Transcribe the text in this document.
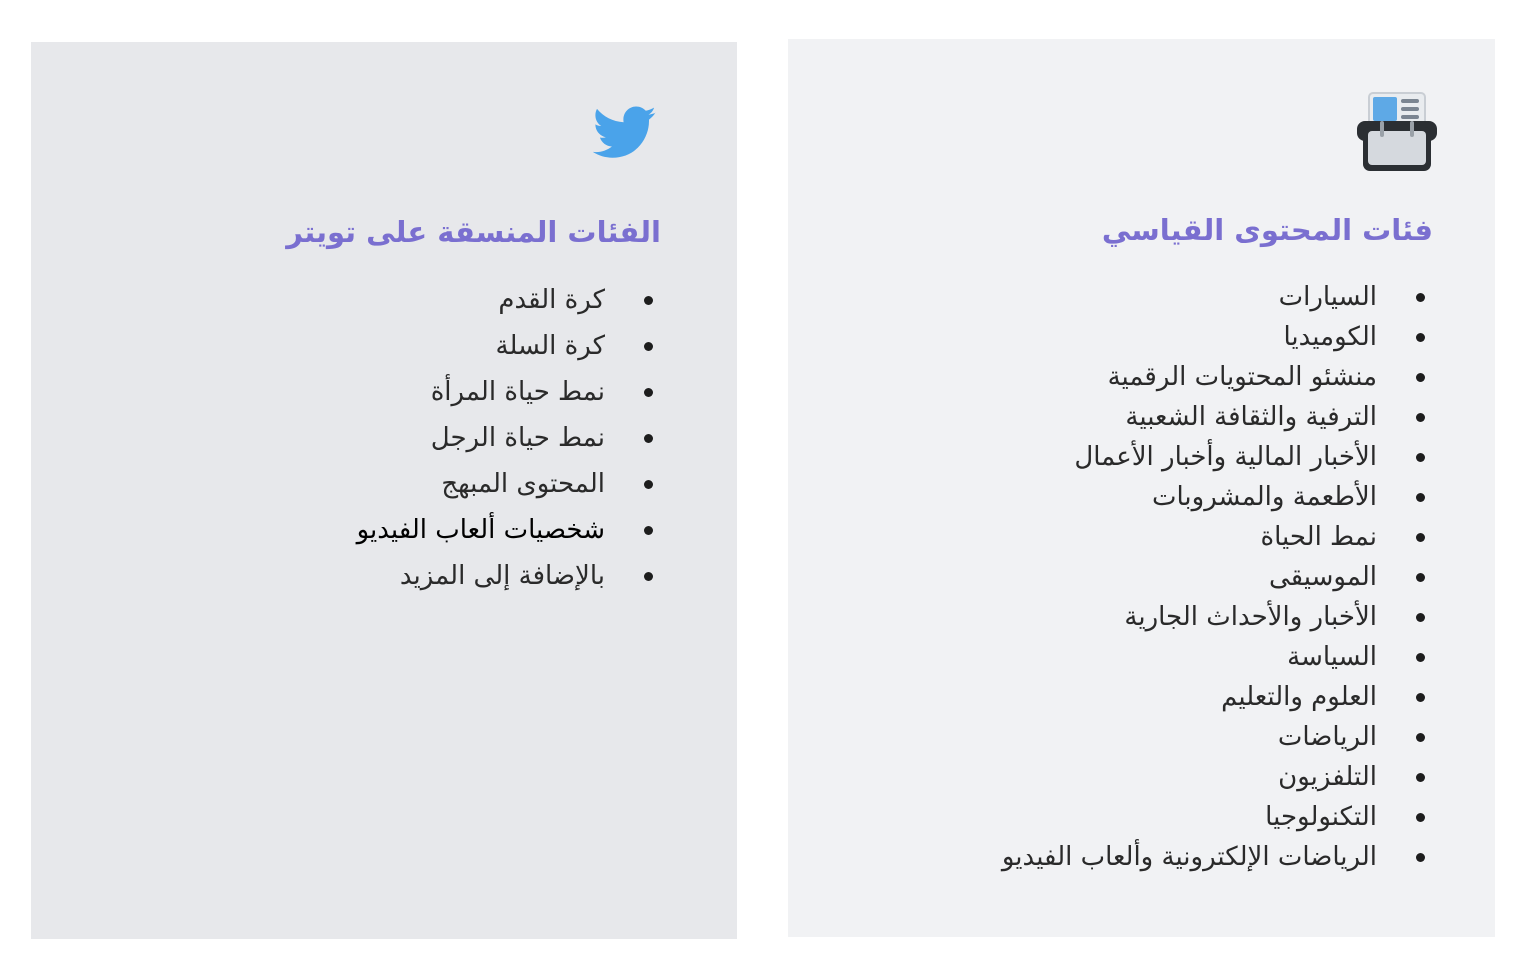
فئات المحتوى القياسي
السيارات
الكوميديا
منشئو المحتويات الرقمية
الترفية والثقافة الشعبية
الأخبار المالية وأخبار الأعمال
الأطعمة والمشروبات
نمط الحياة
الموسيقى
الأخبار والأحداث الجارية
السياسة
العلوم والتعليم
الرياضات
التلفزيون
التكنولوجيا
الرياضات الإلكترونية وألعاب الفيديو
الفئات المنسقة على تويتر
كرة القدم
كرة السلة
نمط حياة المرأة
نمط حياة الرجل
المحتوى المبهج
شخصيات ألعاب الفيديو
بالإضافة إلى المزيد
